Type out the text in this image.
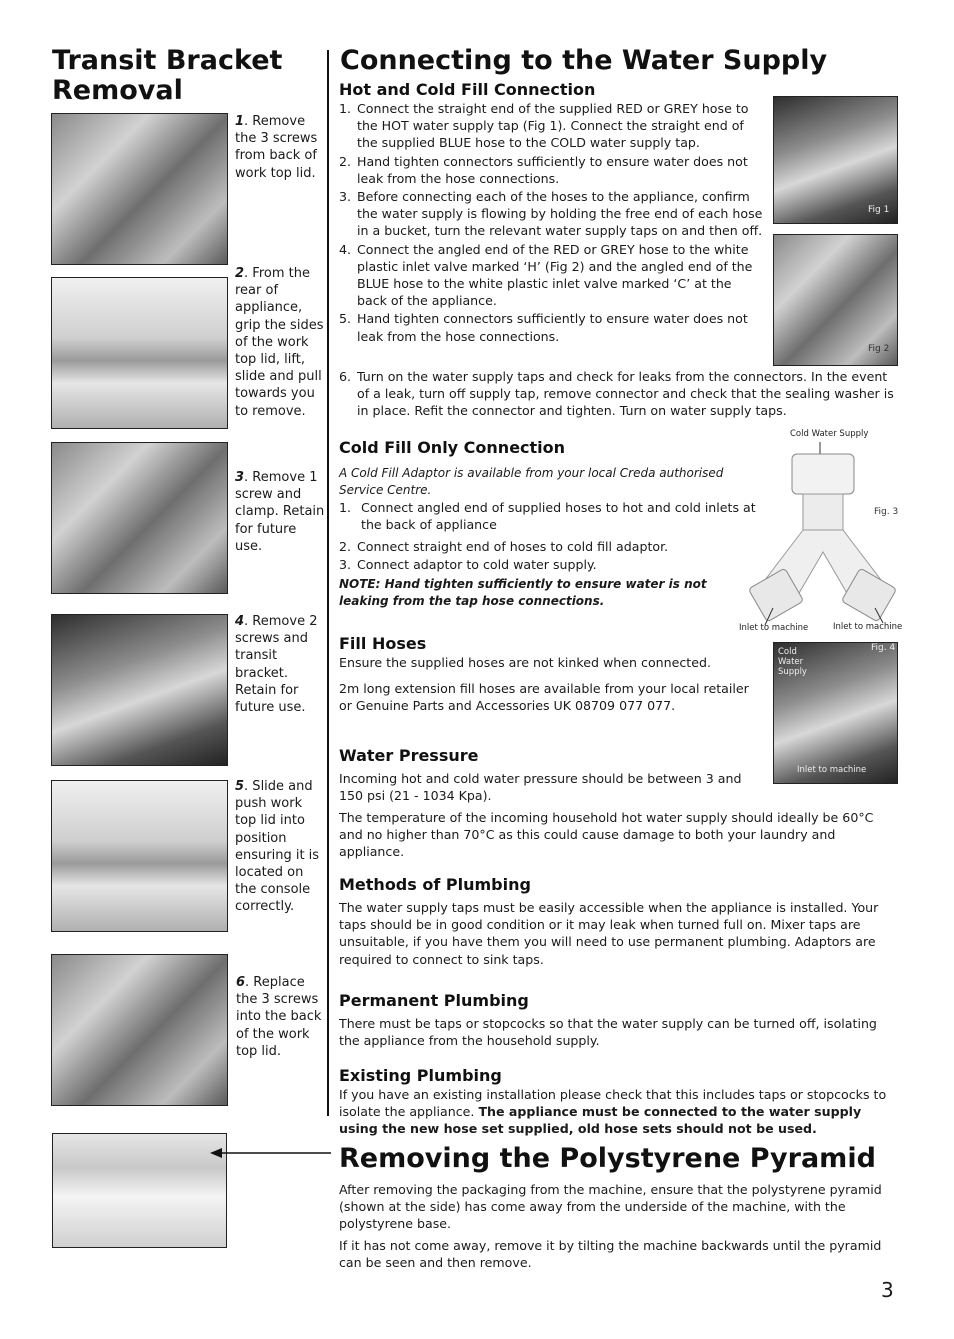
Transit Bracket
Removal
1. Remove the 3 screws from back of work top lid.
2. From the rear of appliance, grip the sides of the work top lid, lift, slide and pull towards you to remove.
3. Remove 1 screw and clamp. Retain for future use.
4. Remove 2 screws and transit bracket. Retain for future use.
5. Slide and push work top lid into position ensuring it is located on the console correctly.
6. Replace the 3 screws into the back of the work top lid.
Connecting to the Water Supply
Hot and Cold Fill Connection
1. Connect the straight end of the supplied RED or GREY hose to the HOT water supply tap (Fig 1). Connect the straight end of the supplied BLUE hose to the COLD water supply tap.
2. Hand tighten connectors sufficiently to ensure water does not leak from the hose connections.
3. Before connecting each of the hoses to the appliance, confirm the water supply is flowing by holding the free end of each hose in a bucket, turn the relevant water supply taps on and then off.
4. Connect the angled end of the RED or GREY hose to the white plastic inlet valve marked ‘H’ (Fig 2) and the angled end of the BLUE hose to the white plastic inlet valve marked ‘C’ at the back of the appliance.
5. Hand tighten connectors sufficiently to ensure water does not leak from the hose connections.
6. Turn on the water supply taps and check for leaks from the connectors. In the event of a leak, turn off supply tap, remove connector and check that the sealing washer is in place. Refit the connector and tighten. Turn on water supply taps.
Fig 1
Fig 2
Cold Fill Only Connection
A Cold Fill Adaptor is available from your local Creda authorised Service Centre.
1. Connect angled end of supplied hoses to hot and cold inlets at the back of appliance
2. Connect straight end of hoses to cold fill adaptor.
3. Connect adaptor to cold water supply.
NOTE: Hand tighten sufficiently to ensure water is not leaking from the tap hose connections.
Cold Water Supply
Fig. 3
Inlet to machine	Inlet to machine
Fill Hoses
Ensure the supplied hoses are not kinked when connected.
2m long extension fill hoses are available from your local retailer or Genuine Parts and Accessories UK 08709 077 077.
Cold
Water
Supply
Fig. 4
Inlet to machine
Water Pressure
Incoming hot and cold water pressure should be between 3 and 150 psi (21 - 1034 Kpa).
The temperature of the incoming household hot water supply should ideally be 60°C and no higher than 70°C as this could cause damage to both your laundry and appliance.
Methods of Plumbing
The water supply taps must be easily accessible when the appliance is installed. Your taps should be in good condition or it may leak when turned full on. Mixer taps are unsuitable, if you have them you will need to use permanent plumbing. Adaptors are required to connect to sink taps.
Permanent Plumbing
There must be taps or stopcocks so that the water supply can be turned off, isolating the appliance from the household supply.
Existing Plumbing
If you have an existing installation please check that this includes taps or stopcocks to isolate the appliance. The appliance must be connected to the water supply using the new hose set supplied, old hose sets should not be used.
Removing the Polystyrene Pyramid
After removing the packaging from the machine, ensure that the polystyrene pyramid (shown at the side) has come away from the underside of the machine, with the polystyrene base.
If it has not come away, remove it by tilting the machine backwards until the pyramid can be seen and then remove.
3
